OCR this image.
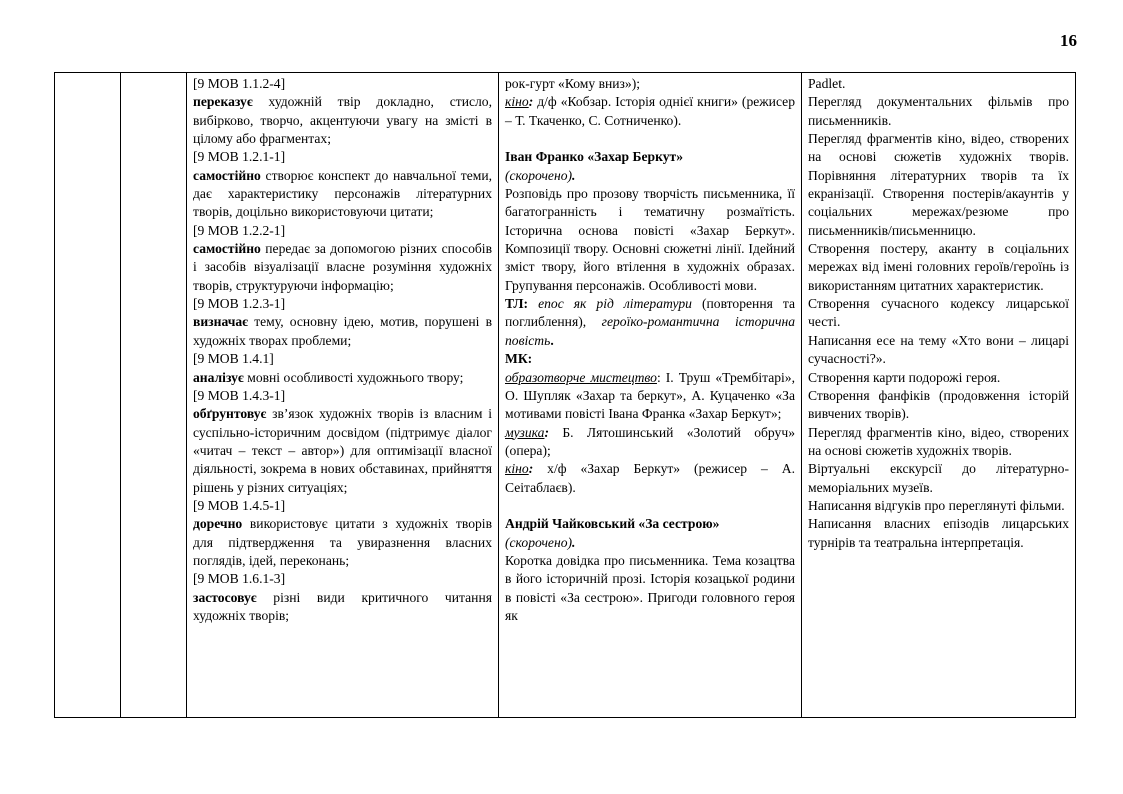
16

[9 МОВ 1.1.2-4]
переказує художній твір докладно, стисло, вибірково, творчо, акцентуючи увагу на змісті в цілому або фрагментах;
[9 МОВ 1.2.1-1]
самостійно створює конспект до навчальної теми, дає характеристику персонажів літературних творів, доцільно використовуючи цитати;
[9 МОВ 1.2.2-1]
самостійно передає за допомогою різних способів і засобів візуалізації власне розуміння художніх творів, структуруючи інформацію;
[9 МОВ 1.2.3-1]
визначає тему, основну ідею, мотив, порушені в художніх творах проблеми;
[9 МОВ 1.4.1]
аналізує мовні особливості художнього твору;
[9 МОВ 1.4.3-1]
обґрунтовує зв’язок художніх творів із власним і суспільно-історичним досвідом (підтримує діалог «читач – текст – автор») для оптимізації власної діяльності, зокрема в нових обставинах, прийняття рішень у різних ситуаціях;
[9 МОВ 1.4.5-1]
доречно використовує цитати з художніх творів для підтвердження та увиразнення власних поглядів, ідей, переконань;
[9 МОВ 1.6.1-3]
застосовує різні види критичного читання художніх творів;

рок-гурт «Кому вниз»);
кіно: д/ф «Кобзар. Історія однієї книги» (режисер – Т. Ткаченко, С. Сотниченко).
Іван Франко «Захар Беркут»
(скорочено).
Розповідь про прозову творчість письменника, її багатогранність і тематичну розмаїтість. Історична основа повісті «Захар Беркут». Композиції твору. Основні сюжетні лінії. Ідейний зміст твору, його втілення в художніх образах. Групування персонажів. Особливості мови.
ТЛ: епос як рід літератури (повторення та поглиблення), героїко-романтична історична повість.
МК:
образотворче мистецтво: І. Труш «Трембітарі», О. Шупляк «Захар та беркут», А. Куцаченко «За мотивами повісті Івана Франка «Захар Беркут»;
музика: Б. Лятошинський «Золотий обруч» (опера);
кіно: х/ф «Захар Беркут» (режисер – А. Сеітаблаєв).
Андрій Чайковський «За сестрою»
(скорочено).
Коротка довідка про письменника. Тема козацтва в його історичній прозі. Історія козацької родини в повісті «За сестрою». Пригоди головного героя як

Padlet.
Перегляд документальних фільмів про письменників.
Перегляд фрагментів кіно, відео, створених на основі сюжетів художніх творів. Порівняння літературних творів та їх екранізації. Створення постерів/акаунтів у соціальних мережах/резюме про письменників/письменницю.
Створення постеру, аканту в соціальних мережах від імені головних героїв/героїнь із використанням цитатних характеристик.
Створення сучасного кодексу лицарської честі.
Написання есе на тему «Хто вони – лицарі сучасності?».
Створення карти подорожі героя.
Створення фанфіків (продовження історій вивчених творів).
Перегляд фрагментів кіно, відео, створених на основі сюжетів художніх творів.
Віртуальні екскурсії до літературно-меморіальних музеїв.
Написання відгуків про переглянуті фільми.
Написання власних епізодів лицарських турнірів та театральна інтерпретація.
